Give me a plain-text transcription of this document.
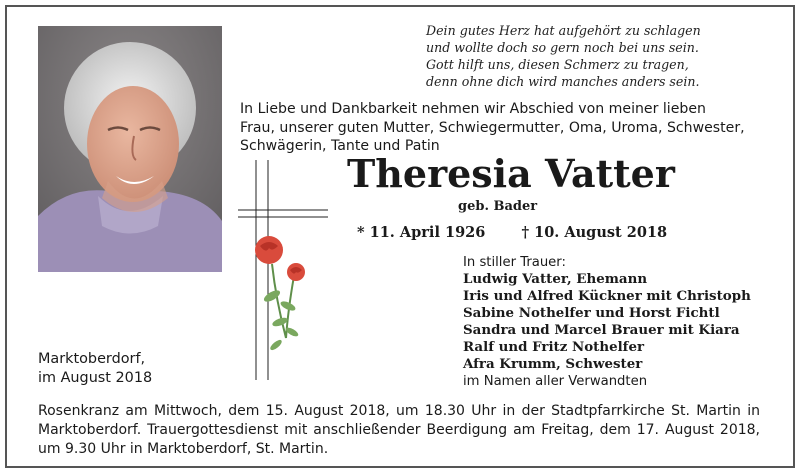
Dein gutes Herz hat aufgehört zu schlagen
und wollte doch so gern noch bei uns sein.
Gott hilft uns, diesen Schmerz zu tragen,
denn ohne dich wird manches anders sein.
In Liebe und Dankbarkeit nehmen wir Abschied von meiner lieben
Frau, unserer guten Mutter, Schwiegermutter, Oma, Uroma, Schwester,
Schwägerin, Tante und Patin
Theresia Vatter
geb. Bader
* 11. April 1926 † 10. August 2018
In stiller Trauer:
Ludwig Vatter, Ehemann
Iris und Alfred Kückner mit Christoph
Sabine Nothelfer und Horst Fichtl
Sandra und Marcel Brauer mit Kiara
Ralf und Fritz Nothelfer
Afra Krumm, Schwester
im Namen aller Verwandten
Marktoberdorf,
im August 2018
Rosenkranz am Mittwoch, dem 15. August 2018, um 18.30 Uhr in der Stadtpfarrkirche St. Martin in Marktoberdorf. Trauergottesdienst mit anschließender Beerdigung am Freitag, dem 17. August 2018, um 9.30 Uhr in Marktoberdorf, St. Martin.
